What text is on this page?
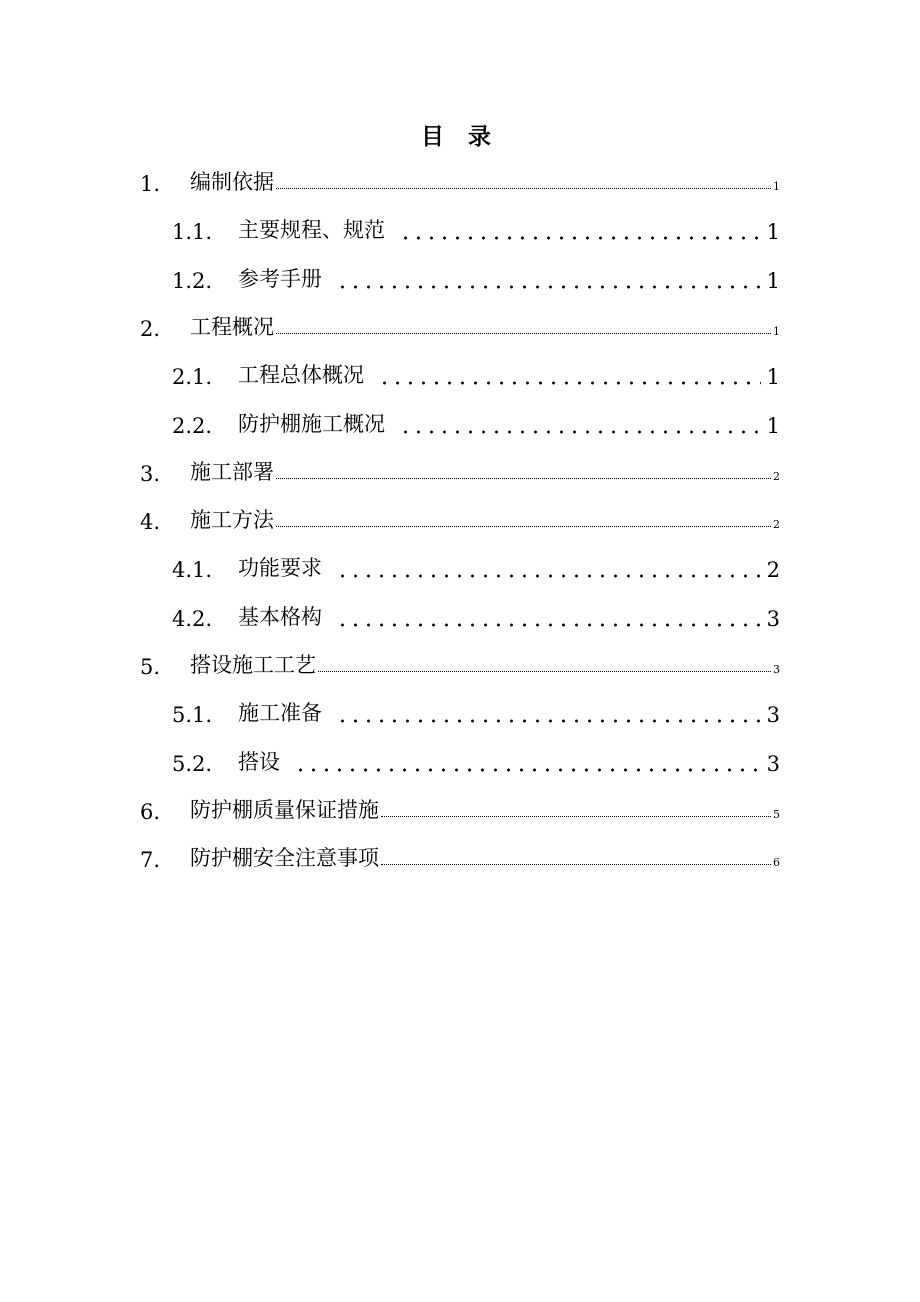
目 录
1.	编制依据	1
1.1.	主要规程、规范	1
1.2.	参考手册	1
2.	工程概况	1
2.1.	工程总体概况	1
2.2.	防护棚施工概况	1
3.	施工部署	2
4.	施工方法	2
4.1.	功能要求	2
4.2.	基本格构	3
5.	搭设施工工艺	3
5.1.	施工准备	3
5.2.	搭设	3
6.	防护棚质量保证措施	5
7.	防护棚安全注意事项	6
